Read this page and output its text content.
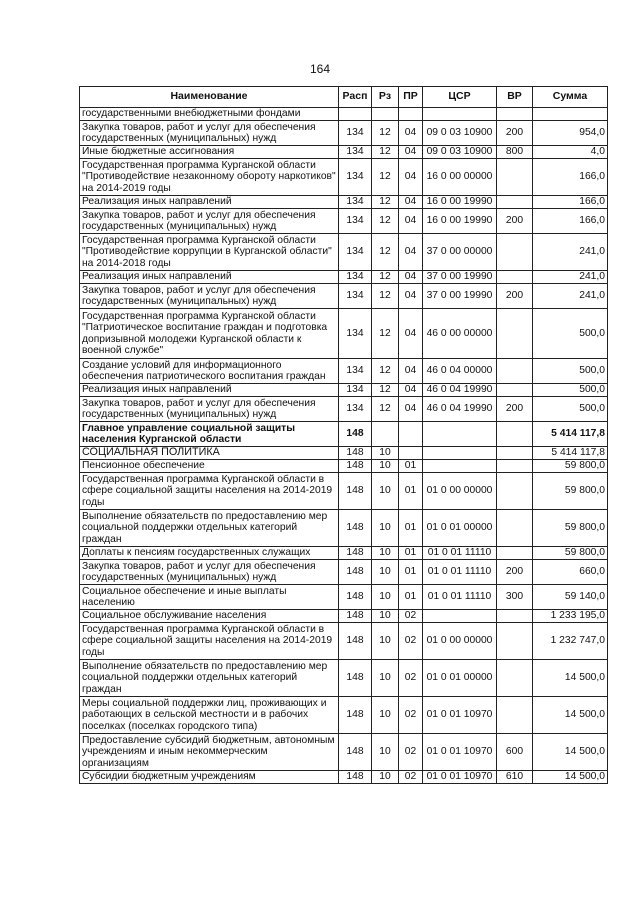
164
Наименование	Расп	Рз	ПР	ЦСР	ВР	Сумма
государственными внебюджетными фондами						
Закупка товаров, работ и услуг для обеспечения государственных (муниципальных) нужд	134	12	04	09 0 03 10900	200	954,0
Иные бюджетные ассигнования	134	12	04	09 0 03 10900	800	4,0
Государственная программа Курганской области "Противодействие незаконному обороту наркотиков" на 2014-2019 годы	134	12	04	16 0 00 00000		166,0
Реализация иных направлений	134	12	04	16 0 00 19990		166,0
Закупка товаров, работ и услуг для обеспечения государственных (муниципальных) нужд	134	12	04	16 0 00 19990	200	166,0
Государственная программа Курганской области "Противодействие коррупции в Курганской области" на 2014-2018 годы	134	12	04	37 0 00 00000		241,0
Реализация иных направлений	134	12	04	37 0 00 19990		241,0
Закупка товаров, работ и услуг для обеспечения государственных (муниципальных) нужд	134	12	04	37 0 00 19990	200	241,0
Государственная программа Курганской области "Патриотическое воспитание граждан и подготовка допризывной молодежи Курганской области к военной службе"	134	12	04	46 0 00 00000		500,0
Создание условий для информационного обеспечения патриотического воспитания граждан	134	12	04	46 0 04 00000		500,0
Реализация иных направлений	134	12	04	46 0 04 19990		500,0
Закупка товаров, работ и услуг для обеспечения государственных (муниципальных) нужд	134	12	04	46 0 04 19990	200	500,0
Главное управление социальной защиты населения Курганской области	148					5 414 117,8
СОЦИАЛЬНАЯ ПОЛИТИКА	148	10				5 414 117,8
Пенсионное обеспечение	148	10	01			59 800,0
Государственная программа Курганской области в сфере социальной защиты населения на 2014-2019 годы	148	10	01	01 0 00 00000		59 800,0
Выполнение обязательств по предоставлению мер социальной поддержки отдельных категорий граждан	148	10	01	01 0 01 00000		59 800,0
Доплаты к пенсиям государственных служащих	148	10	01	01 0 01 11110		59 800,0
Закупка товаров, работ и услуг для обеспечения государственных (муниципальных) нужд	148	10	01	01 0 01 11110	200	660,0
Социальное обеспечение и иные выплаты населению	148	10	01	01 0 01 11110	300	59 140,0
Социальное обслуживание населения	148	10	02			1 233 195,0
Государственная программа Курганской области в сфере социальной защиты населения на 2014-2019 годы	148	10	02	01 0 00 00000		1 232 747,0
Выполнение обязательств по предоставлению мер социальной поддержки отдельных категорий граждан	148	10	02	01 0 01 00000		14 500,0
Меры социальной поддержки лиц, проживающих и работающих в сельской местности и в рабочих поселках (поселках городского типа)	148	10	02	01 0 01 10970		14 500,0
Предоставление субсидий бюджетным, автономным учреждениям и иным некоммерческим организациям	148	10	02	01 0 01 10970	600	14 500,0
Субсидии бюджетным учреждениям	148	10	02	01 0 01 10970	610	14 500,0
